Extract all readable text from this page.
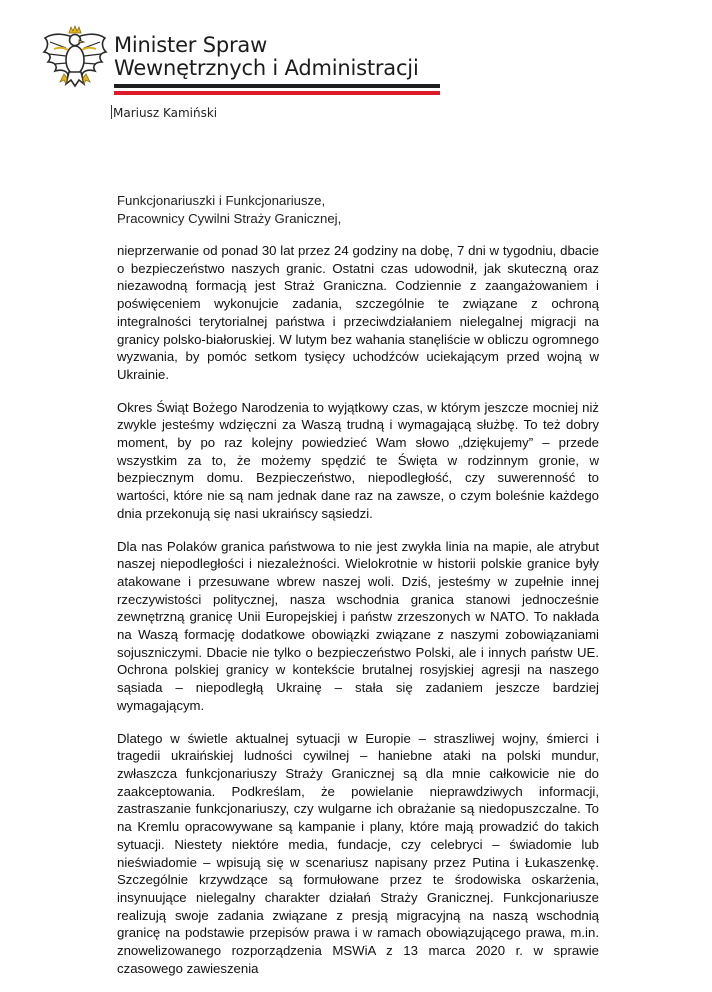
Minister Spraw
Wewnętrznych i Administracji
Mariusz Kamiński
Funkcjonariuszki i Funkcjonariusze,
Pracownicy Cywilni Straży Granicznej,

nieprzerwanie od ponad 30 lat przez 24 godziny na dobę, 7 dni w tygodniu, dbacie o bezpieczeństwo naszych granic. Ostatni czas udowodnił, jak skuteczną oraz niezawodną formacją jest Straż Graniczna. Codziennie z zaangażowaniem i poświęceniem wykonujcie zadania, szczególnie te związane z ochroną integralności terytorialnej państwa i przeciwdziałaniem nielegalnej migracji na granicy polsko-białoruskiej. W lutym bez wahania stanęliście w obliczu ogromnego wyzwania, by pomóc setkom tysięcy uchodźców uciekającym przed wojną w Ukrainie.

Okres Świąt Bożego Narodzenia to wyjątkowy czas, w którym jeszcze mocniej niż zwykle jesteśmy wdzięczni za Waszą trudną i wymagającą służbę. To też dobry moment, by po raz kolejny powiedzieć Wam słowo „dziękujemy” – przede wszystkim za to, że możemy spędzić te Święta w rodzinnym gronie, w bezpiecznym domu. Bezpieczeństwo, niepodległość, czy suwerenność to wartości, które nie są nam jednak dane raz na zawsze, o czym boleśnie każdego dnia przekonują się nasi ukraińscy sąsiedzi.

Dla nas Polaków granica państwowa to nie jest zwykła linia na mapie, ale atrybut naszej niepodległości i niezależności. Wielokrotnie w historii polskie granice były atakowane i przesuwane wbrew naszej woli. Dziś, jesteśmy w zupełnie innej rzeczywistości politycznej, nasza wschodnia granica stanowi jednocześnie zewnętrzną granicę Unii Europejskiej i państw zrzeszonych w NATO. To nakłada na Waszą formację dodatkowe obowiązki związane z naszymi zobowiązaniami sojuszniczymi. Dbacie nie tylko o bezpieczeństwo Polski, ale i innych państw UE. Ochrona polskiej granicy w kontekście brutalnej rosyjskiej agresji na naszego sąsiada – niepodległą Ukrainę – stała się zadaniem jeszcze bardziej wymagającym.

Dlatego w świetle aktualnej sytuacji w Europie – straszliwej wojny, śmierci i tragedii ukraińskiej ludności cywilnej – haniebne ataki na polski mundur, zwłaszcza funkcjonariuszy Straży Granicznej są dla mnie całkowicie nie do zaakceptowania. Podkreślam, że powielanie nieprawdziwych informacji, zastraszanie funkcjonariuszy, czy wulgarne ich obrażanie są niedopuszczalne. To na Kremlu opracowywane są kampanie i plany, które mają prowadzić do takich sytuacji. Niestety niektóre media, fundacje, czy celebryci – świadomie lub nieświadomie – wpisują się w scenariusz napisany przez Putina i Łukaszenkę. Szczególnie krzywdzące są formułowane przez te środowiska oskarżenia, insynuujące nielegalny charakter działań Straży Granicznej. Funkcjonariusze realizują swoje zadania związane z presją migracyjną na naszą wschodnią granicę na podstawie przepisów prawa i w ramach obowiązującego prawa, m.in. znowelizowanego rozporządzenia MSWiA z 13 marca 2020 r. w sprawie czasowego zawieszenia
